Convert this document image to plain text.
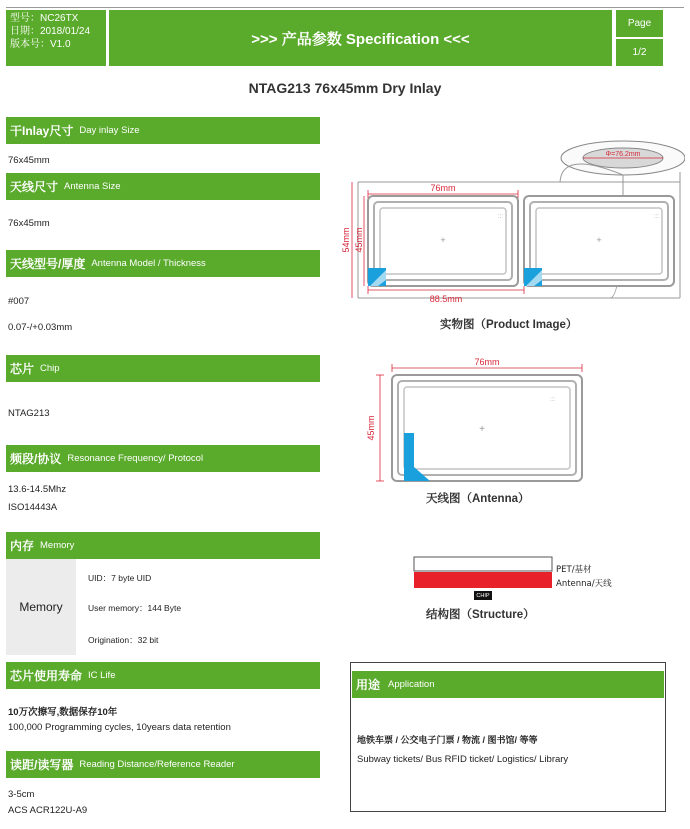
型号：NC26TX
日期：2018/01/24
版本号：V1.0	>>> 产品参数 Specification <<<
Page
1/2
NTAG213 76x45mm Dry Inlay
干Inlay尺寸 Day inlay Size
76x45mm
天线尺寸 Antenna Size
76x45mm
天线型号/厚度 Antenna Model / Thickness
#007
0.07-/+0.03mm
芯片 Chip
NTAG213
频段/协议 Resonance Frequency/ Protocol
13.6-14.5Mhz
ISO14443A
内存 Memory
Memory
UID：7 byte UID
User memory：144 Byte
Origination：32 bit
芯片使用寿命 IC Life
10万次擦写,数据保存10年
100,000 Programming cycles, 10years data retention
读距/读写器 Reading Distance/Reference Reader
3-5cm
ACS ACR122U-A9
Φ=76.2mm
+
:::
+
:::
76mm
54mm 45mm
88.5mm
实物图（Product Image）
76mm
45mm	+
:::
天线图（Antenna）
PET/基材
Antenna/天线
CHIP
结构图（Structure）
用途 Application
地铁车票 / 公交电子门票 / 物流 / 图书馆/ 等等
Subway tickets/ Bus RFID ticket/ Logistics/ Library
